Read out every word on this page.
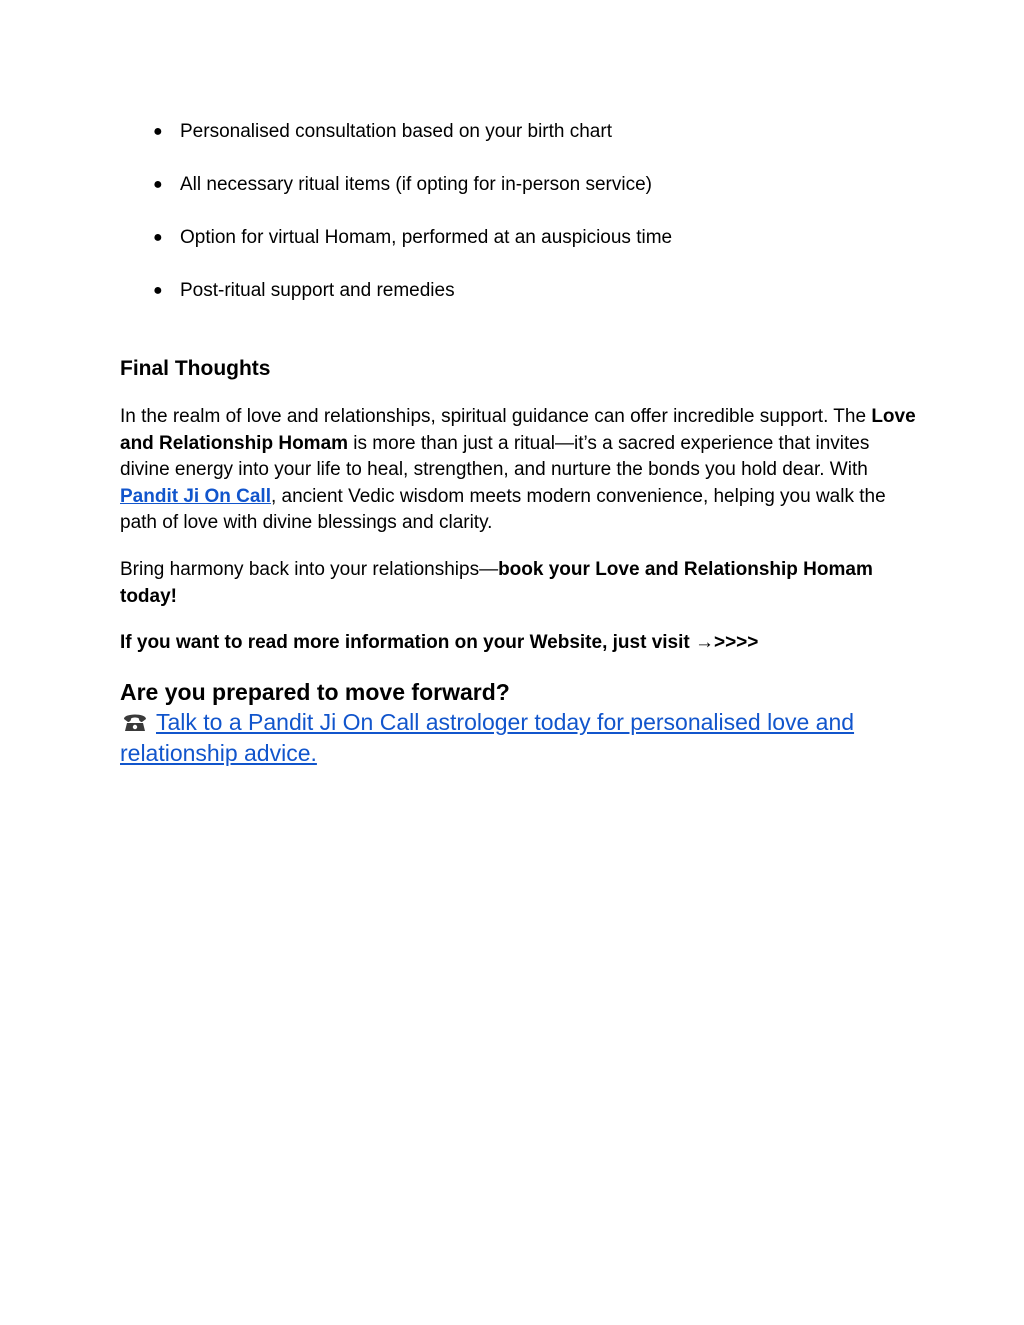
● Personalised consultation based on your birth chart
● All necessary ritual items (if opting for in-person service)
● Option for virtual Homam, performed at an auspicious time
● Post-ritual support and remedies
Final Thoughts

In the realm of love and relationships, spiritual guidance can offer incredible support. The Love and Relationship Homam is more than just a ritual—it’s a sacred experience that invites divine energy into your life to heal, strengthen, and nurture the bonds you hold dear. With Pandit Ji On Call, ancient Vedic wisdom meets modern convenience, helping you walk the path of love with divine blessings and clarity.

Bring harmony back into your relationships—book your Love and Relationship Homam today!

If you want to read more information on your Website, just visit →>>>>

Are you prepared to move forward?

Talk to a Pandit Ji On Call astrologer today for personalised love and relationship advice.
